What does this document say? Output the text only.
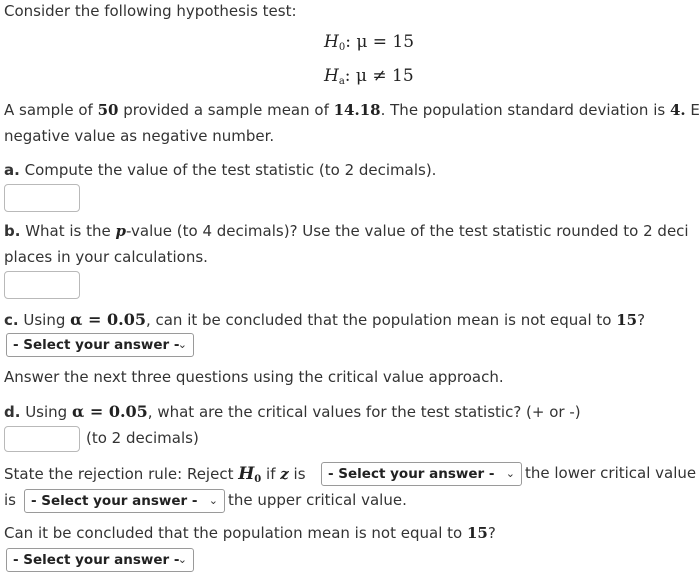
Consider the following hypothesis test:
$H_0$: μ = 15
$H_a$: μ ≠ 15
A sample of 50 provided a sample mean of 14.18. The population standard deviation is 4. E
negative value as negative number.
a. Compute the value of the test statistic (to 2 decimals).
b. What is the p-value (to 4 decimals)? Use the value of the test statistic rounded to 2 deci
places in your calculations.
c. Using α = 0.05, can it be concluded that the population mean is not equal to 15?
- Select your answer -
⌄
Answer the next three questions using the critical value approach.
d. Using α = 0.05, what are the critical values for the test statistic? (+ or -)
(to 2 decimals)
State the rejection rule: Reject $H_0$ if z is	- Select your answer - ⌄ the lower critical value
is	- Select your answer - ⌄ the upper critical value.
Can it be concluded that the population mean is not equal to 15?
- Select your answer -
⌄
